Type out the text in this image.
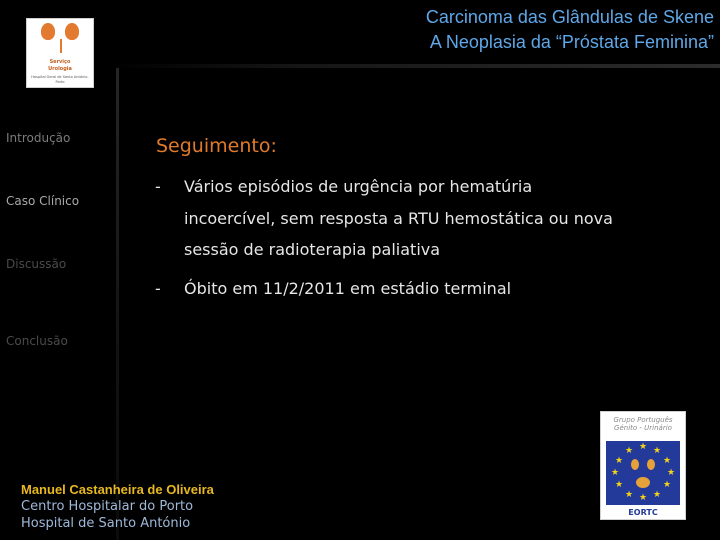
Serviço
Urologia
Hospital Geral de Santo António-Porto
Carcinoma das Glândulas de Skene
A Neoplasia da “Próstata Feminina”
Introdução
Caso Clínico
Discussão
Conclusão
Seguimento:
- Vários episódios de urgência por hematúria
incoercível, sem resposta a RTU hemostática ou nova
sessão de radioterapia paliativa
- Óbito em 11/2/2011 em estádio terminal
Manuel Castanheira de Oliveira
Centro Hospitalar do Porto
Hospital de Santo António
Grupo Português
Génito - Urinário
★ ★
★
★
★
★
★
★
★
★
★
★
EORTC
